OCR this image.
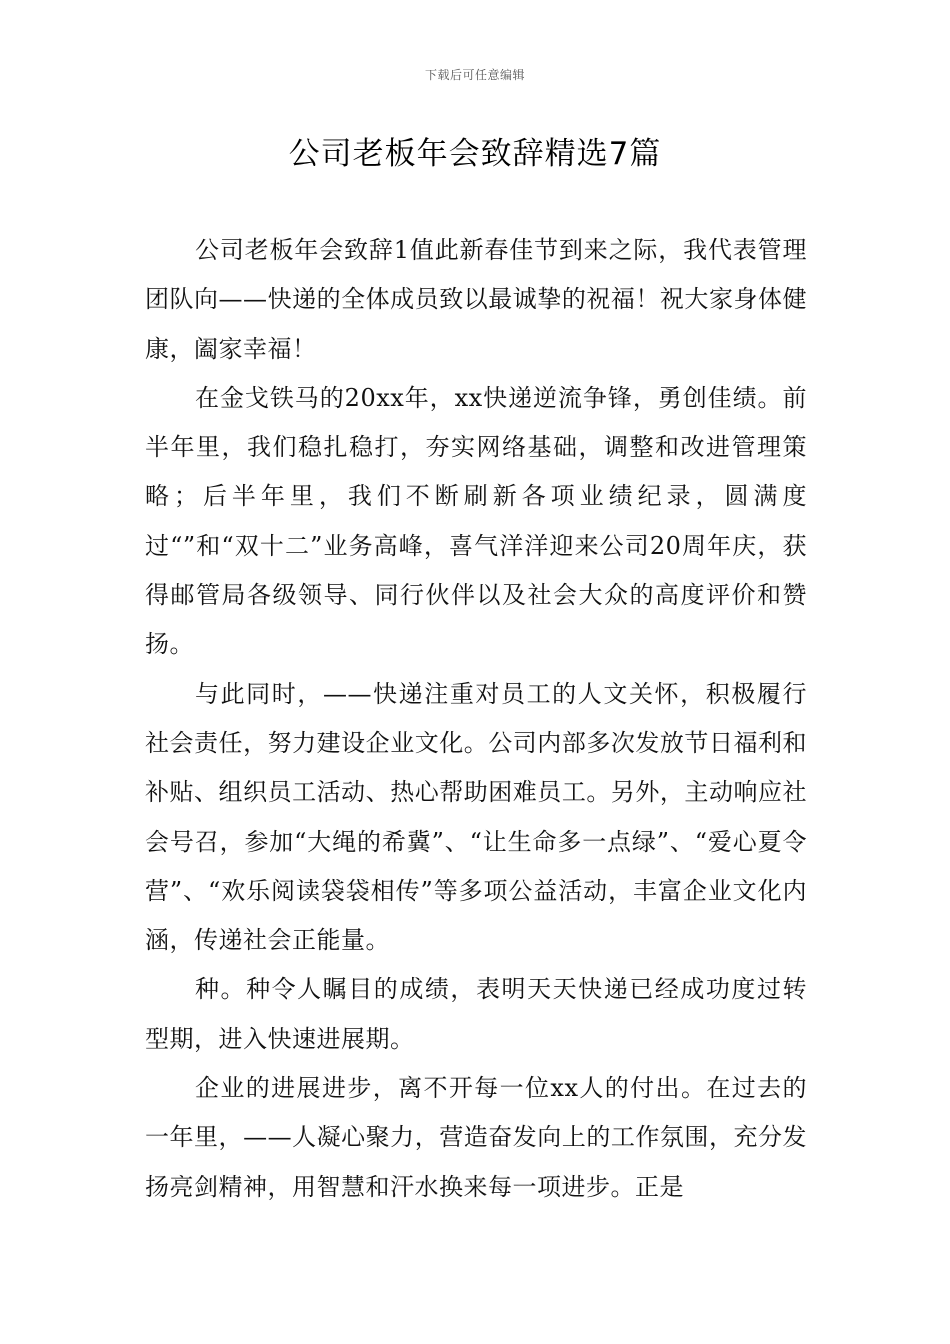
下载后可任意编辑
公司老板年会致辞精选7篇

公司老板年会致辞1值此新春佳节到来之际，我代表管理团队向——快递的全体成员致以最诚挚的祝福！祝大家身体健康，阖家幸福！

在金戈铁马的20xx年，xx快递逆流争锋，勇创佳绩。前半年里，我们稳扎稳打，夯实网络基础，调整和改进管理策略；后半年里，我们不断刷新各项业绩纪录，圆满度过“”和“双十二”业务高峰，喜气洋洋迎来公司20周年庆，获得邮管局各级领导、同行伙伴以及社会大众的高度评价和赞扬。

与此同时，——快递注重对员工的人文关怀，积极履行社会责任，努力建设企业文化。公司内部多次发放节日福利和补贴、组织员工活动、热心帮助困难员工。另外，主动响应社会号召，参加“大绳的希冀”、“让生命多一点绿”、“爱心夏令营”、“欢乐阅读袋袋相传”等多项公益活动，丰富企业文化内涵，传递社会正能量。

种。种令人瞩目的成绩，表明天天快递已经成功度过转型期，进入快速进展期。

企业的进展进步，离不开每一位xx人的付出。在过去的一年里，——人凝心聚力，营造奋发向上的工作氛围，充分发扬亮剑精神，用智慧和汗水换来每一项进步。正是
